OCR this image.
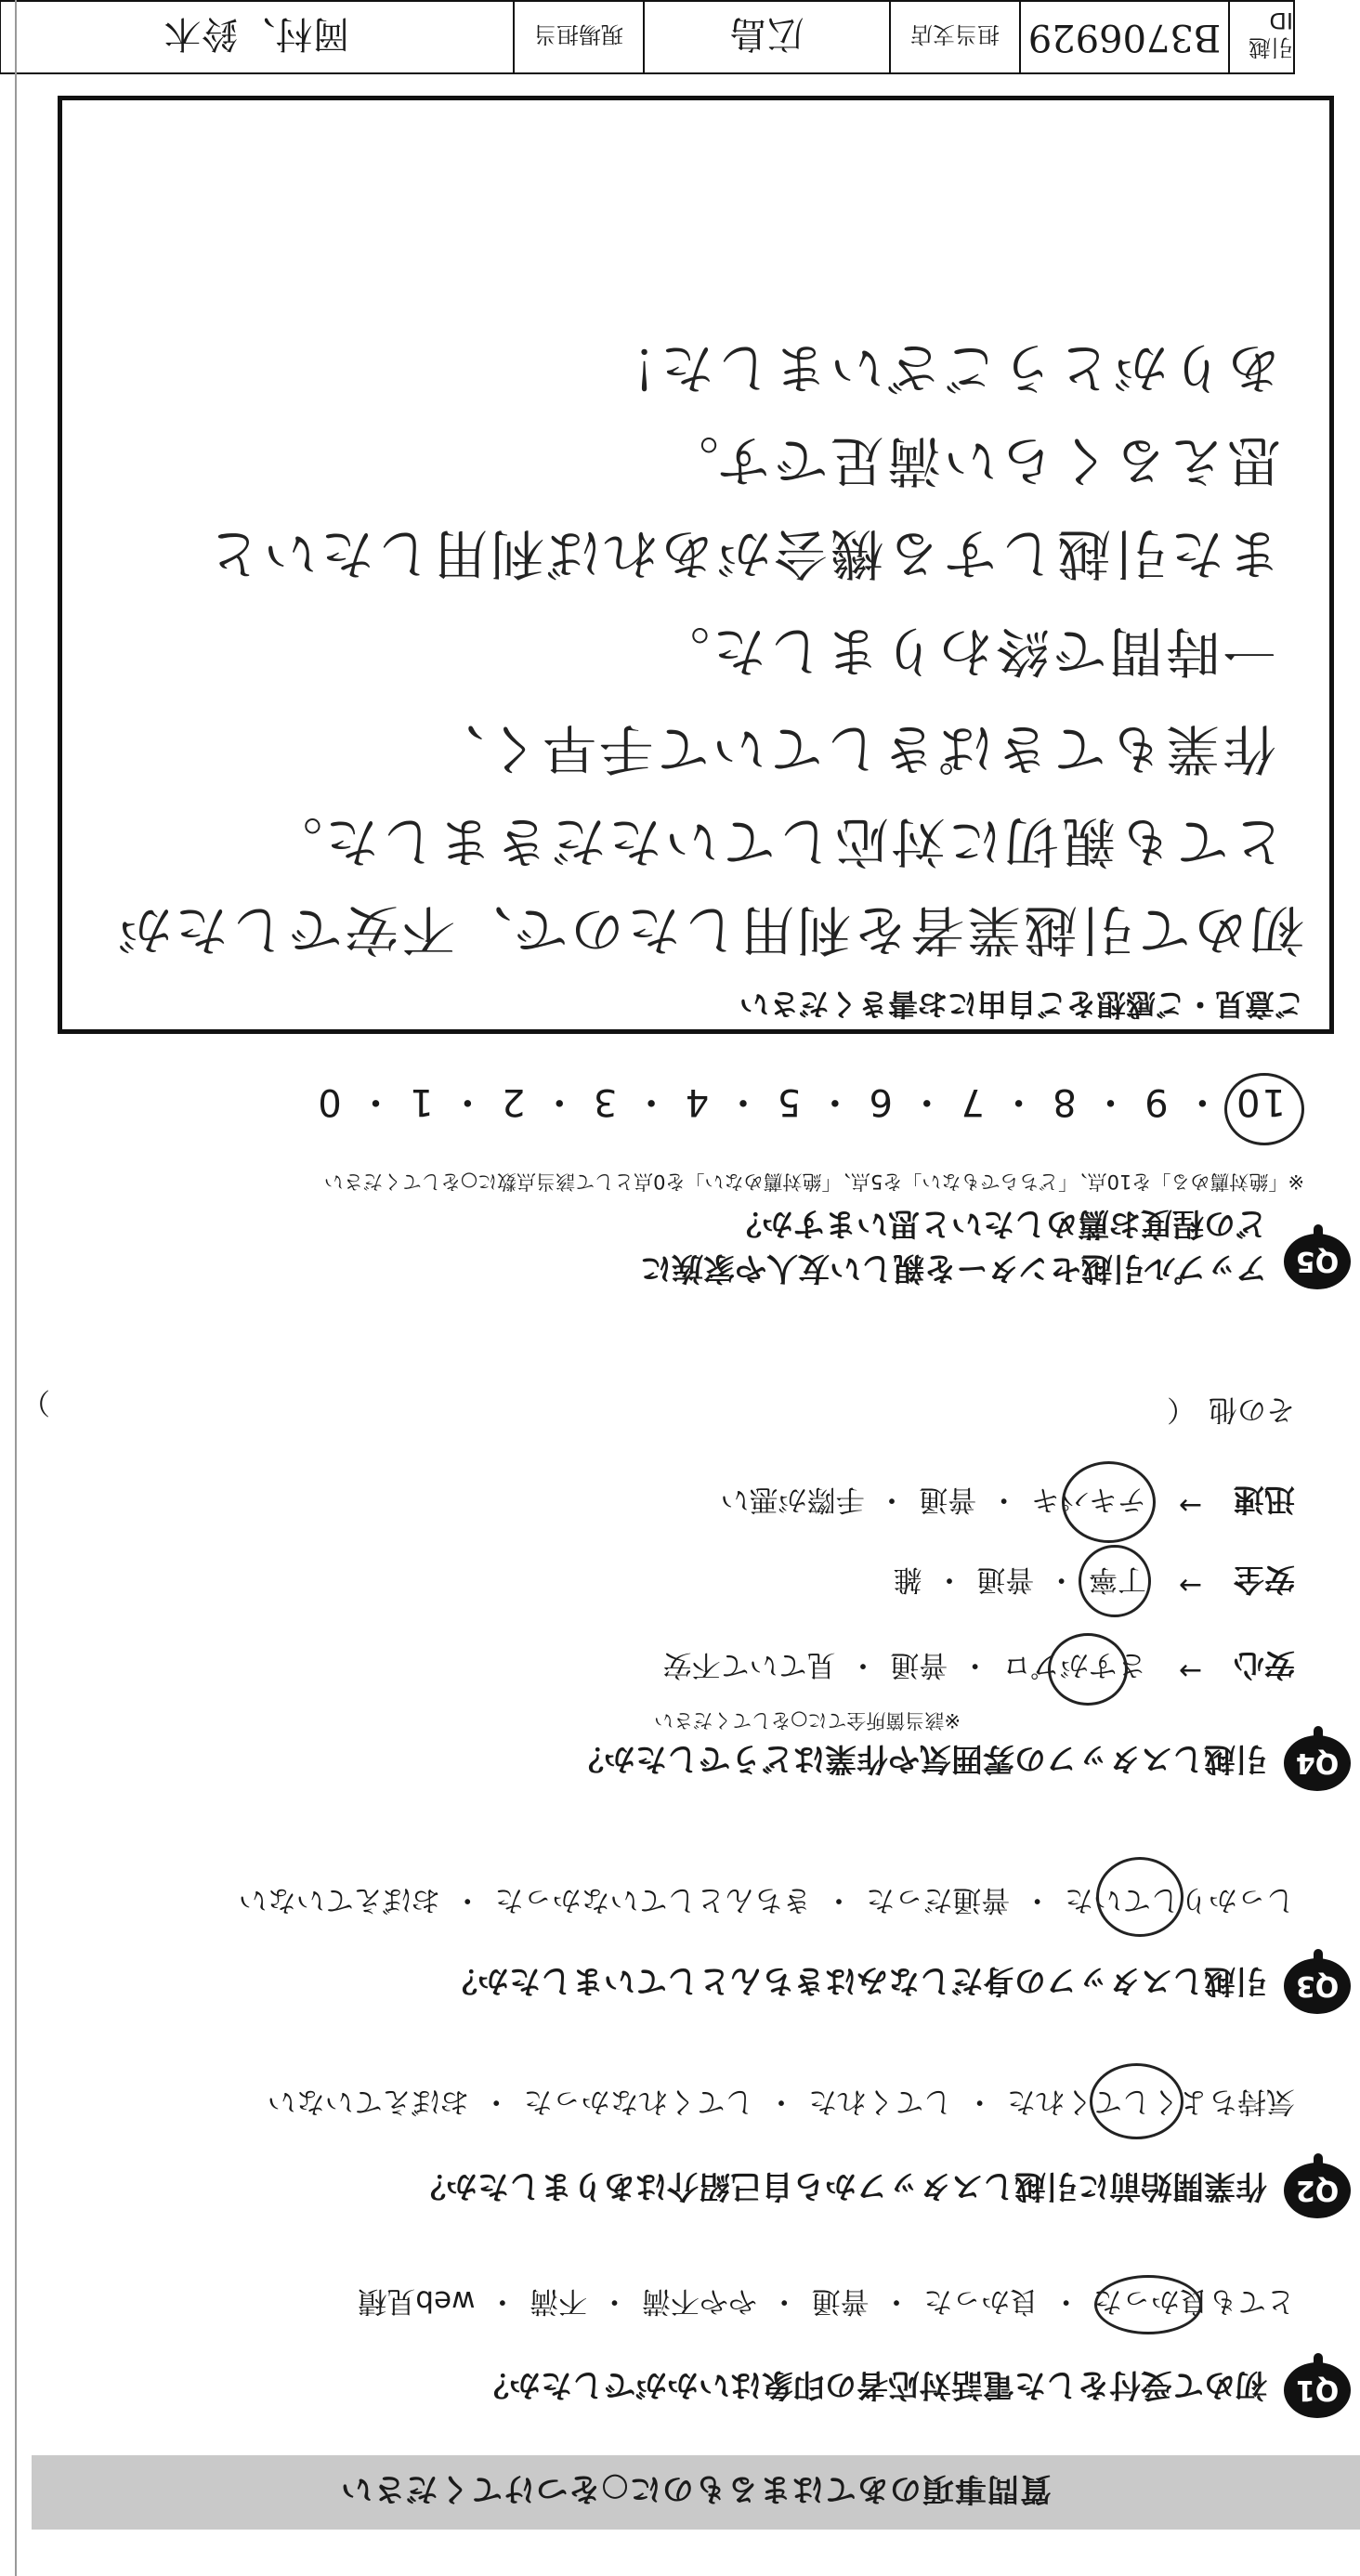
質問事項のあてはまるものに○をつけてください
Q1
初めて受付をした電話対応者の印象はいかがでしたか？
とても良かった ・ 良かった ・ 普通 ・ やや不満 ・ 不満 ・ web見積
Q2
作業開始前に引越しスタッフから自己紹介はありましたか？
気持ちよくしてくれた ・ してくれた ・ してくれなかった ・ おぼえていない
Q3
引越しスタッフの身だしなみはきちんとしていましたか？
しっかりしていた ・ 普通だった ・ きちんとしていなかった ・ おぼえていない
Q4
引越しスタッフの雰囲気や作業はどうでしたか？
※該当箇所全てに○をしてください
安心
→
さすがプロ ・ 普通 ・ 見ていて不安
安全
→
丁寧 ・ 普通 ・ 雑
迅速
→
テキパキ ・ 普通 ・ 手際が悪い
その他 （
）
Q5
アップル引越センターを親しい友人や家族に
どの程度お薦めしたいと思いますか？
※「絶対薦める」を10点、「どちらでもない」を5点、「絶対薦めない」を0点として該当点数に○をしてください
10 ・ 9 ・ 8 ・ 7 ・ 6 ・ 5 ・ 4 ・ 3 ・ 2 ・ 1 ・ 0
ご意見・ご感想をご自由にお書きください
初めて引越業者を利用したので、不安でしたが
とても親切に対応していただきました。
作業もてきぱきしていて手早く、
一時間で終わりました。
また引越しする機会があれば利用したいと
思えるくらい満足です。
ありがとうございました！
引越ID
B3706929
担当支店
広島
現場担当
岡村、鈴木
